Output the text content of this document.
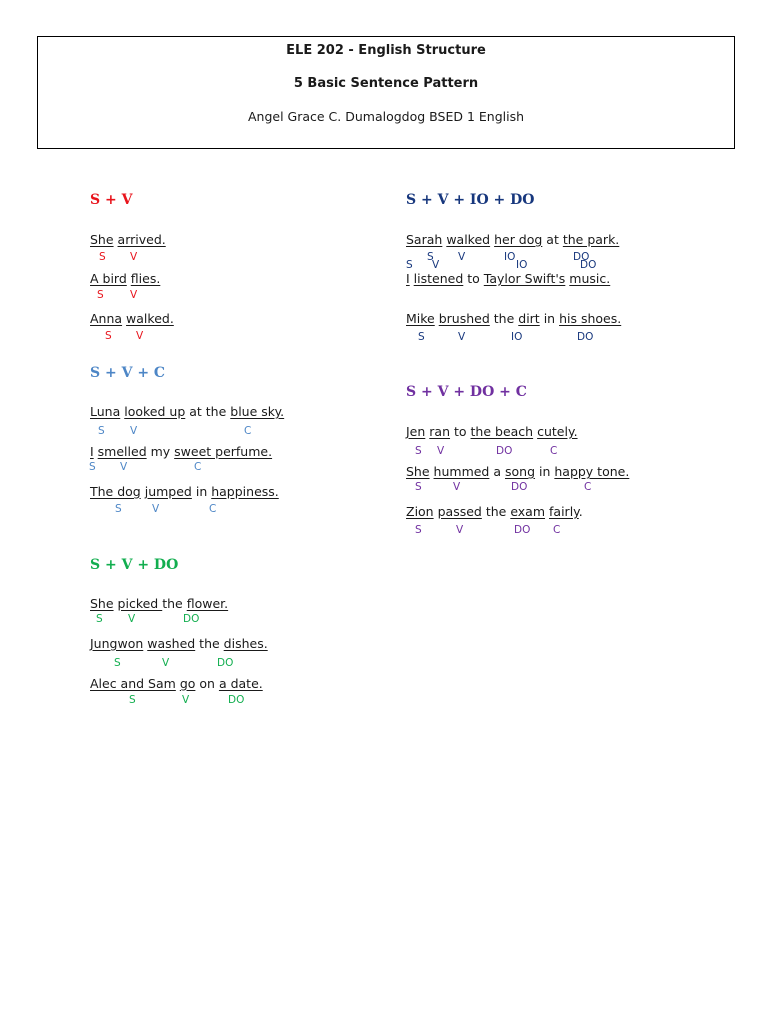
ELE 202 - English Structure
5 Basic Sentence Pattern
Angel Grace C. Dumalogdog BSED 1 English
S + V
She arrived.
A bird flies.
Anna walked.
S V
S	V
S V
S + V + C
Luna looked up at the blue sky.
I smelled my sweet perfume.
The dog jumped in happiness.
S V	C
S V	C
S	V	C
S + V + DO
She picked the flower.
Jungwon washed the dishes.
Alec and Sam go on a date.
S V	DO
S	V	DO
S	V	DO
S + V + IO + DO
Sarah walked her dog at the park.
I listened to Taylor Swift's music.
Mike brushed the dirt in his shoes.
S	V	IO	DO
S V	IO	DO
S V	IO	DO
S + V + DO + C
Jen ran to the beach cutely.
She hummed a song in happy tone.
Zion passed the exam fairly.
S V	DO	C
S	V	DO	C
S	V	DO C
